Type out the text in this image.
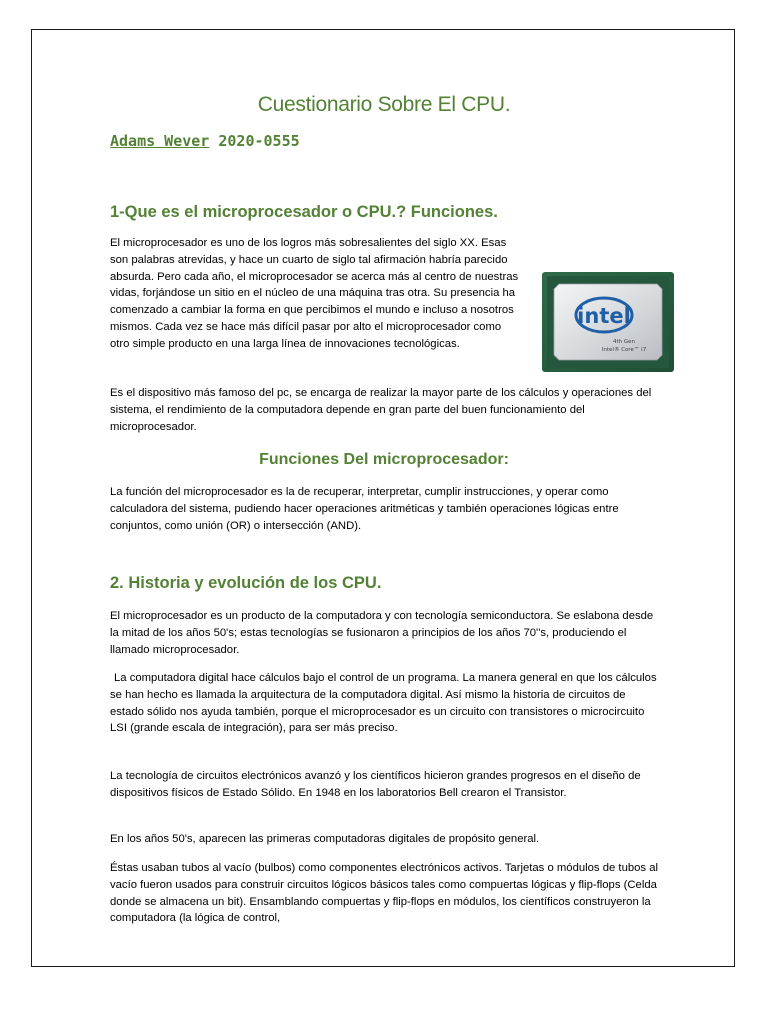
Cuestionario Sobre El CPU.

Adams Wever 2020-0555

1-Que es el microprocesador o CPU.? Funciones.

El microprocesador es uno de los logros más sobresalientes del siglo XX. Esas son palabras atrevidas, y hace un cuarto de siglo tal afirmación habría parecido absurda. Pero cada año, el microprocesador se acerca más al centro de nuestras vidas, forjándose un sitio en el núcleo de una máquina tras otra. Su presencia ha comenzado a cambiar la forma en que percibimos el mundo e incluso a nosotros mismos. Cada vez se hace más difícil pasar por alto el microprocesador como otro simple producto en una larga línea de innovaciones tecnológicas.

intel
4th Gen
Intel® Core™ i7

Es el dispositivo más famoso del pc, se encarga de realizar la mayor parte de los cálculos y operaciones del sistema, el rendimiento de la computadora depende en gran parte del buen funcionamiento del microprocesador.

Funciones Del microprocesador:

La función del microprocesador es la de recuperar, interpretar, cumplir instrucciones, y operar como calculadora del sistema, pudiendo hacer operaciones aritméticas y también operaciones lógicas entre conjuntos, como unión (OR) o intersección (AND).

2. Historia y evolución de los CPU.

El microprocesador es un producto de la computadora y con tecnología semiconductora. Se eslabona desde la mitad de los años 50's; estas tecnologías se fusionaron a principios de los años 70''s, produciendo el llamado microprocesador.

La computadora digital hace cálculos bajo el control de un programa. La manera general en que los cálculos se han hecho es llamada la arquitectura de la computadora digital. Así mismo la historia de circuitos de estado sólido nos ayuda también, porque el microprocesador es un circuito con transistores o microcircuito LSI (grande escala de integración), para ser más preciso.

La tecnología de circuitos electrónicos avanzó y los científicos hicieron grandes progresos en el diseño de dispositivos físicos de Estado Sólido. En 1948 en los laboratorios Bell crearon el Transistor.

En los años 50's, aparecen las primeras computadoras digitales de propósito general.

Éstas usaban tubos al vacío (bulbos) como componentes electrónicos activos. Tarjetas o módulos de tubos al vacío fueron usados para construir circuitos lógicos básicos tales como compuertas lógicas y flip-flops (Celda donde se almacena un bit). Ensamblando compuertas y flip-flops en módulos, los científicos construyeron la computadora (la lógica de control,
